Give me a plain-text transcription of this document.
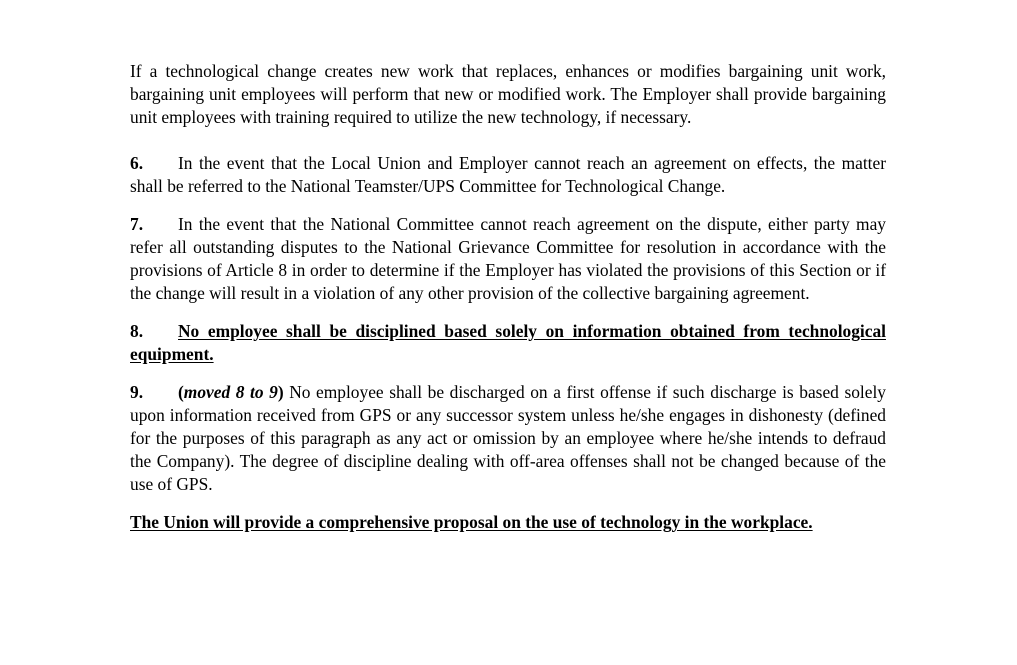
If a technological change creates new work that replaces, enhances or modifies bargaining unit work, bargaining unit employees will perform that new or modified work. The Employer shall provide bargaining unit employees with training required to utilize the new technology, if necessary.

6. In the event that the Local Union and Employer cannot reach an agreement on effects, the matter shall be referred to the National Teamster/UPS Committee for Technological Change.

7. In the event that the National Committee cannot reach agreement on the dispute, either party may refer all outstanding disputes to the National Grievance Committee for resolution in accordance with the provisions of Article 8 in order to determine if the Employer has violated the provisions of this Section or if the change will result in a violation of any other provision of the collective bargaining agreement.

8. No employee shall be disciplined based solely on information obtained from technological equipment.

9. (moved 8 to 9) No employee shall be discharged on a first offense if such discharge is based solely upon information received from GPS or any successor system unless he/she engages in dishonesty (defined for the purposes of this paragraph as any act or omission by an employee where he/she intends to defraud the Company). The degree of discipline dealing with off-area offenses shall not be changed because of the use of GPS.

The Union will provide a comprehensive proposal on the use of technology in the workplace.
